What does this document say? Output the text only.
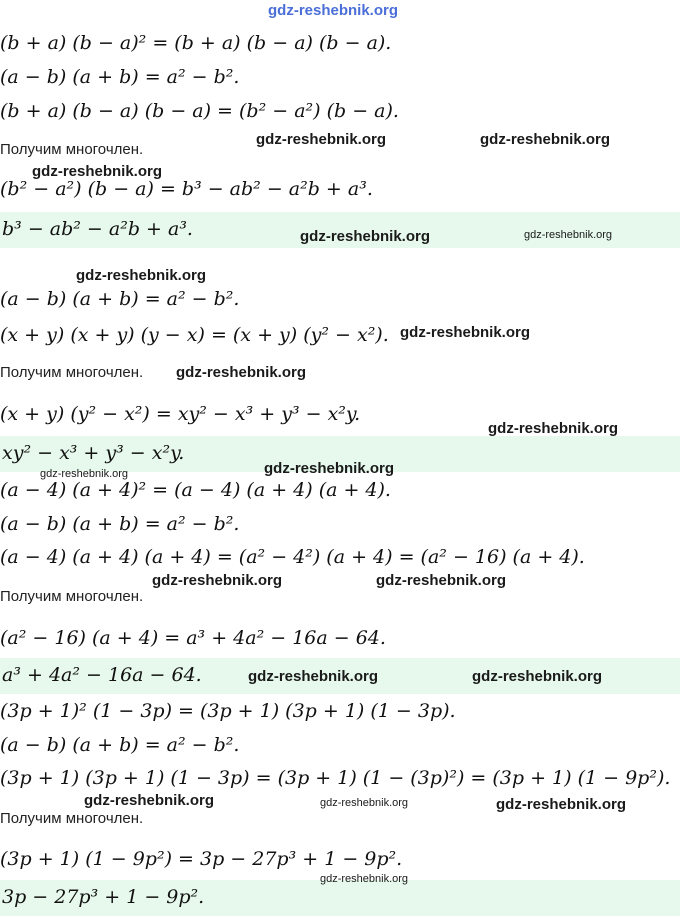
gdz-reshebnik.org
(b + a) (b − a)² = (b + a) (b − a) (b − a).
(a − b) (a + b) = a² − b².
(b + a) (b − a) (b − a) = (b² − a²) (b − a).
Получим многочлен.
(b² − a²) (b − a) = b³ − ab² − a²b + a³.
b³ − ab² − a²b + a³.
(a − b) (a + b) = a² − b².
(x + y) (x + y) (y − x) = (x + y) (y² − x²).
Получим многочлен.
(x + y) (y² − x²) = xy² − x³ + y³ − x²y.
xy² − x³ + y³ − x²y.
(a − 4) (a + 4)² = (a − 4) (a + 4) (a + 4).
(a − b) (a + b) = a² − b².
(a − 4) (a + 4) (a + 4) = (a² − 4²) (a + 4) = (a² − 16) (a + 4).
Получим многочлен.
(a² − 16) (a + 4) = a³ + 4a² − 16a − 64.
a³ + 4a² − 16a − 64.
(3p + 1)² (1 − 3p) = (3p + 1) (3p + 1) (1 − 3p).
(a − b) (a + b) = a² − b².
(3p + 1) (3p + 1) (1 − 3p) = (3p + 1) (1 − (3p)²) = (3p + 1) (1 − 9p²).
Получим многочлен.
(3p + 1) (1 − 9p²) = 3p − 27p³ + 1 − 9p².
3p − 27p³ + 1 − 9p².
gdz-reshebnik.org	gdz-reshebnik.org
gdz-reshebnik.org
gdz-reshebnik.org	gdz-reshebnik.org
gdz-reshebnik.org
gdz-reshebnik.org
gdz-reshebnik.org
gdz-reshebnik.org
gdz-reshebnik.org	gdz-reshebnik.org
gdz-reshebnik.org	gdz-reshebnik.org
gdz-reshebnik.org	gdz-reshebnik.org
gdz-reshebnik.org	gdz-reshebnik.org	gdz-reshebnik.org
gdz-reshebnik.org
